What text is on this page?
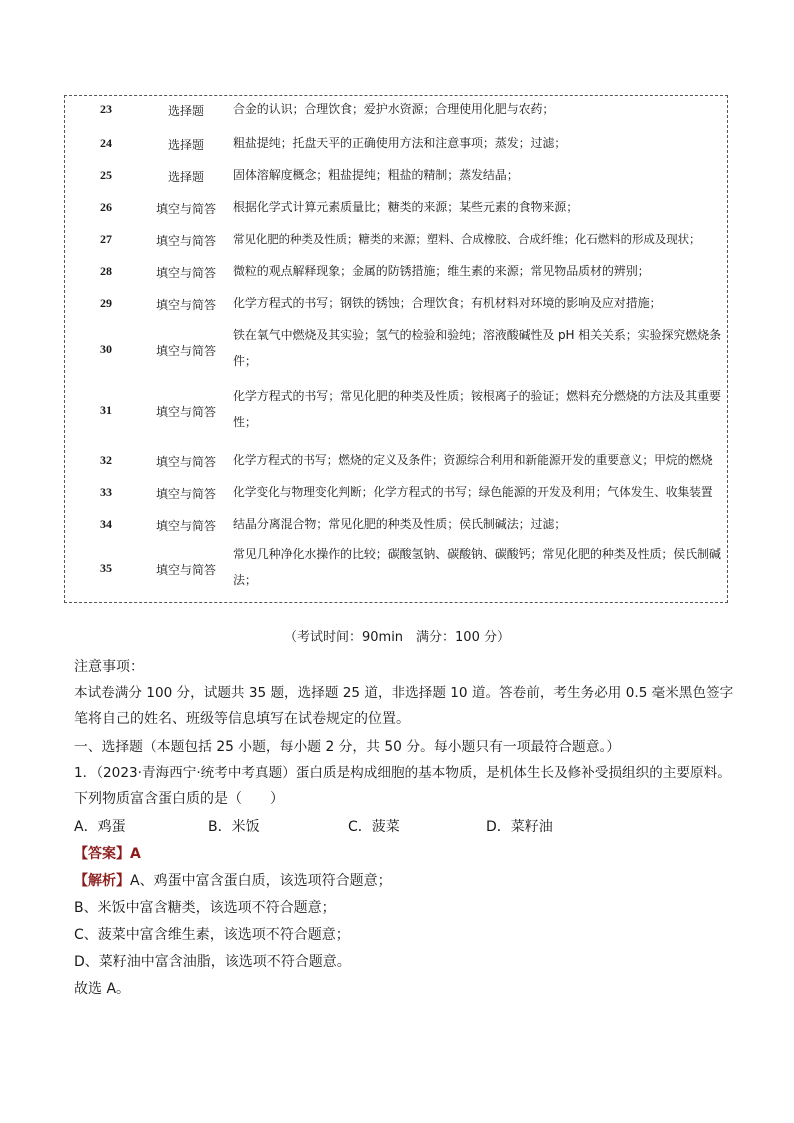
23	选择题	合金的认识；合理饮食；爱护水资源；合理使用化肥与农药；
24	选择题	粗盐提纯；托盘天平的正确使用方法和注意事项；蒸发；过滤；
25	选择题	固体溶解度概念；粗盐提纯；粗盐的精制；蒸发结晶；
26	填空与简答	根据化学式计算元素质量比；糖类的来源；某些元素的食物来源；
27	填空与简答	常见化肥的种类及性质；糖类的来源；塑料、合成橡胶、合成纤维；化石燃料的形成及现状；
28	填空与简答	微粒的观点解释现象；金属的防锈措施；维生素的来源；常见物品质材的辨别；
29	填空与简答	化学方程式的书写；钢铁的锈蚀；合理饮食；有机材料对环境的影响及应对措施；
30	填空与简答
铁在氧气中燃烧及其实验；氢气的检验和验纯；溶液酸碱性及 pH 相关关系；实验探究燃烧条件；
31	填空与简答
化学方程式的书写；常见化肥的种类及性质；铵根离子的验证；燃料充分燃烧的方法及其重要性；
32	填空与简答	化学方程式的书写；燃烧的定义及条件；资源综合利用和新能源开发的重要意义；甲烷的燃烧
33	填空与简答	化学变化与物理变化判断；化学方程式的书写；绿色能源的开发及利用；气体发生、收集装置
34	填空与简答	结晶分离混合物；常见化肥的种类及性质；侯氏制碱法；过滤；
35	填空与简答
常见几种净化水操作的比较；碳酸氢钠、碳酸钠、碳酸钙；常见化肥的种类及性质；侯氏制碱法；
（考试时间：90min　满分：100 分）
注意事项：
本试卷满分 100 分，试题共 35 题，选择题 25 道，非选择题 10 道。答卷前，考生务必用 0.5 毫米黑色签字
笔将自己的姓名、班级等信息填写在试卷规定的位置。
一、选择题（本题包括 25 小题，每小题 2 分，共 50 分。每小题只有一项最符合题意。）
1．（2023·青海西宁·统考中考真题）蛋白质是构成细胞的基本物质，是机体生长及修补受损组织的主要原料。
下列物质富含蛋白质的是（　　）
A．鸡蛋	B．米饭	C．菠菜	D．菜籽油
【答案】A
【解析】A、鸡蛋中富含蛋白质，该选项符合题意；
B、米饭中富含糖类，该选项不符合题意；
C、菠菜中富含维生素，该选项不符合题意；
D、菜籽油中富含油脂，该选项不符合题意。
故选 A。
